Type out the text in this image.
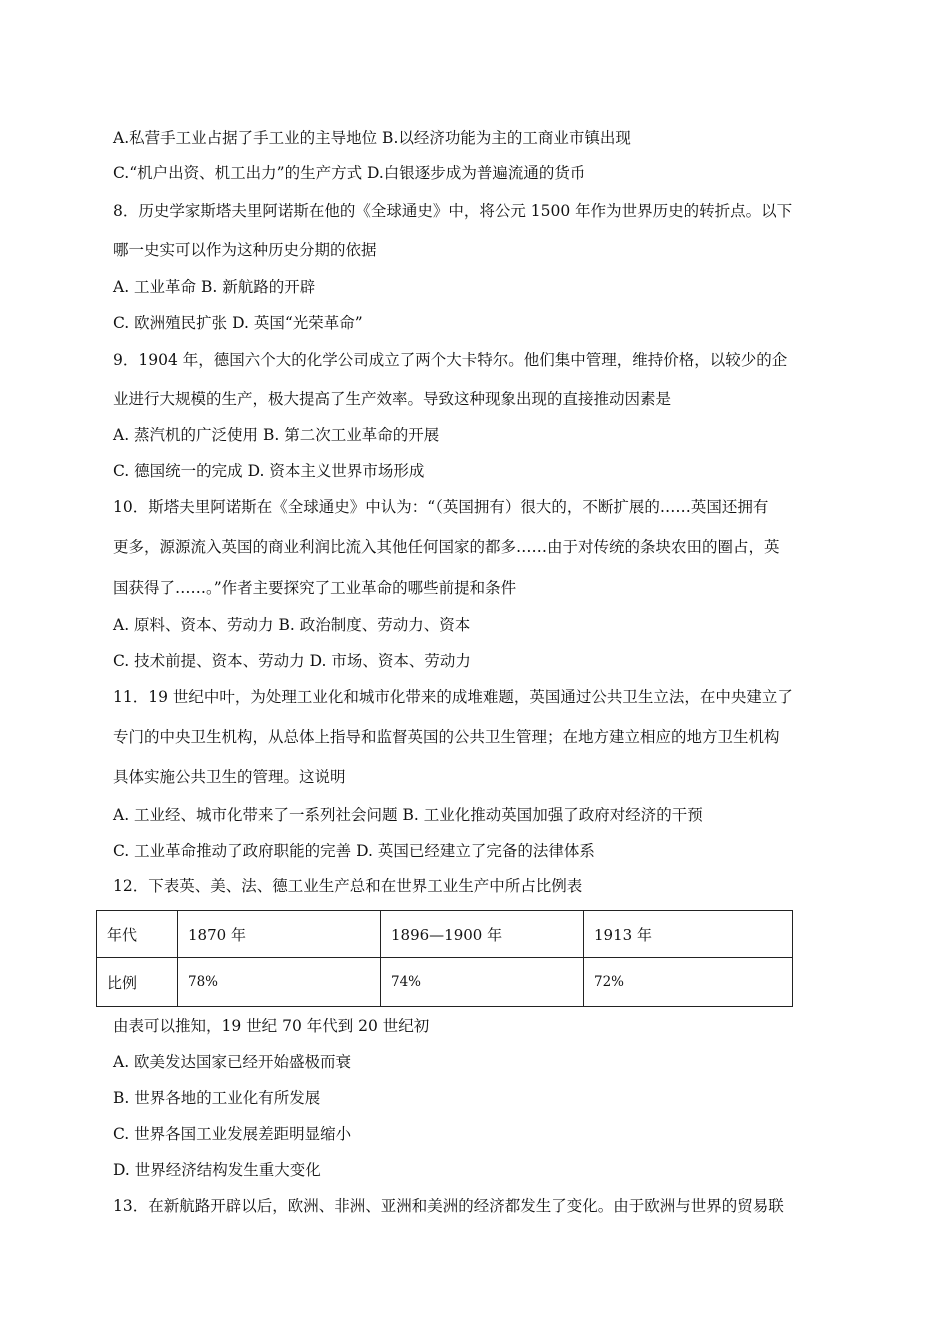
A.私营手工业占据了手工业的主导地位 B.以经济功能为主的工商业市镇出现
C.“机户出资、机工出力”的生产方式 D.白银逐步成为普遍流通的货币
8．历史学家斯塔夫里阿诺斯在他的《全球通史》中，将公元 1500 年作为世界历史的转折点。以下
哪一史实可以作为这种历史分期的依据
A. 工业革命 B. 新航路的开辟
C. 欧洲殖民扩张 D. 英国“光荣革命”
9．1904 年，德国六个大的化学公司成立了两个大卡特尔。他们集中管理，维持价格，以较少的企
业进行大规模的生产，极大提高了生产效率。导致这种现象出现的直接推动因素是
A. 蒸汽机的广泛使用 B. 第二次工业革命的开展
C. 德国统一的完成 D. 资本主义世界市场形成
10．斯塔夫里阿诺斯在《全球通史》中认为：“（英国拥有）很大的，不断扩展的……英国还拥有
更多，源源流入英国的商业利润比流入其他任何国家的都多……由于对传统的条块农田的圈占，英
国获得了……。”作者主要探究了工业革命的哪些前提和条件
A. 原料、资本、劳动力 B. 政治制度、劳动力、资本
C. 技术前提、资本、劳动力 D. 市场、资本、劳动力
11．19 世纪中叶，为处理工业化和城市化带来的成堆难题，英国通过公共卫生立法，在中央建立了
专门的中央卫生机构，从总体上指导和监督英国的公共卫生管理；在地方建立相应的地方卫生机构
具体实施公共卫生的管理。这说明
A. 工业经、城市化带来了一系列社会问题 B. 工业化推动英国加强了政府对经济的干预
C. 工业革命推动了政府职能的完善 D. 英国已经建立了完备的法律体系
12．下表英、美、法、德工业生产总和在世界工业生产中所占比例表
年代	1870 年	1896—1900 年	1913 年
比例	78%	74%	72%
由表可以推知，19 世纪 70 年代到 20 世纪初
A. 欧美发达国家已经开始盛极而衰
B. 世界各地的工业化有所发展
C. 世界各国工业发展差距明显缩小
D. 世界经济结构发生重大变化
13．在新航路开辟以后，欧洲、非洲、亚洲和美洲的经济都发生了变化。由于欧洲与世界的贸易联
